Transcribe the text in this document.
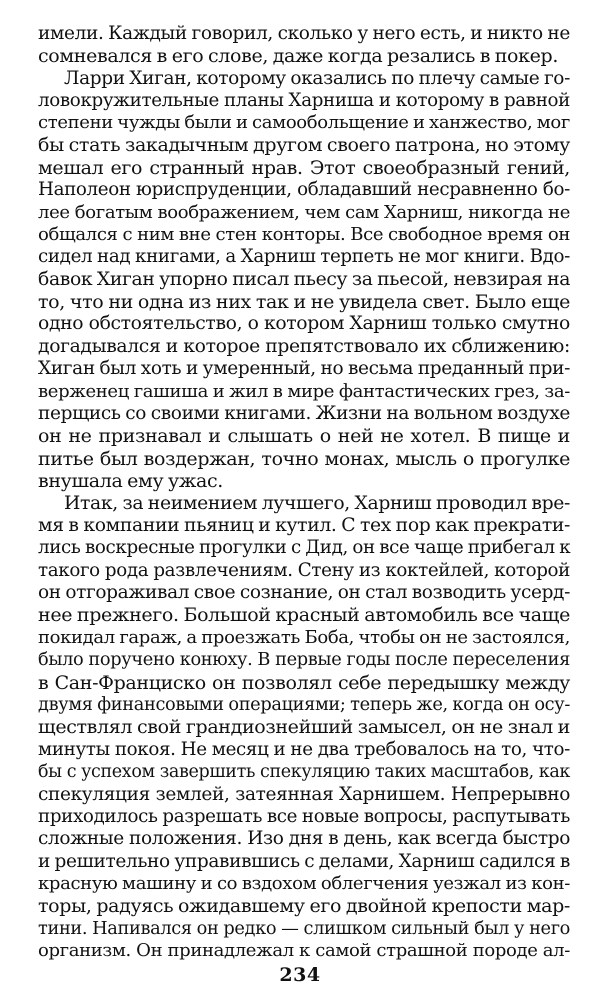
имели. Каждый говорил, сколько у него есть, и никто не
сомневался в его слове, даже когда резались в покер.
Ларри Хиган, которому оказались по плечу самые го-
ловокружительные планы Харниша и которому в равной
степени чужды были и самообольщение и ханжество, мог
бы стать закадычным другом своего патрона, но этому
мешал его странный нрав. Этот своеобразный гений,
Наполеон юриспруденции, обладавший несравненно бо-
лее богатым воображением, чем сам Харниш, никогда не
общался с ним вне стен конторы. Все свободное время он
сидел над книгами, а Харниш терпеть не мог книги. Вдо-
бавок Хиган упорно писал пьесу за пьесой, невзирая на
то, что ни одна из них так и не увидела свет. Было еще
одно обстоятельство, о котором Харниш только смутно
догадывался и которое препятствовало их сближению:
Хиган был хоть и умеренный, но весьма преданный при-
верженец гашиша и жил в мире фантастических грез, за-
перщись со своими книгами. Жизни на вольном воздухе
он не признавал и слышать о ней не хотел. В пище и
питье был воздержан, точно монах, мысль о прогулке
внушала ему ужас.
Итак, за неимением лучшего, Харниш проводил вре-
мя в компании пьяниц и кутил. С тех пор как прекрати-
лись воскресные прогулки с Дид, он все чаще прибегал к
такого рода развлечениям. Стену из коктейлей, которой
он отгораживал свое сознание, он стал возводить усерд-
нее прежнего. Большой красный автомобиль все чаще
покидал гараж, а проезжать Боба, чтобы он не застоялся,
было поручено конюху. В первые годы после переселения
в Сан-Франциско он позволял себе передышку между
двумя финансовыми операциями; теперь же, когда он осу-
ществлял свой грандиознейший замысел, он не знал и
минуты покоя. Не месяц и не два требовалось на то, что-
бы с успехом завершить спекуляцию таких масштабов, как
спекуляция землей, затеянная Харнишем. Непрерывно
приходилось разрешать все новые вопросы, распутывать
сложные положения. Изо дня в день, как всегда быстро
и решительно управившись с делами, Харниш садился в
красную машину и со вздохом облегчения уезжал из кон-
торы, радуясь ожидавшему его двойной крепости мар-
тини. Напивался он редко — слишком сильный был у него
организм. Он принадлежал к самой страшной породе ал-
234
